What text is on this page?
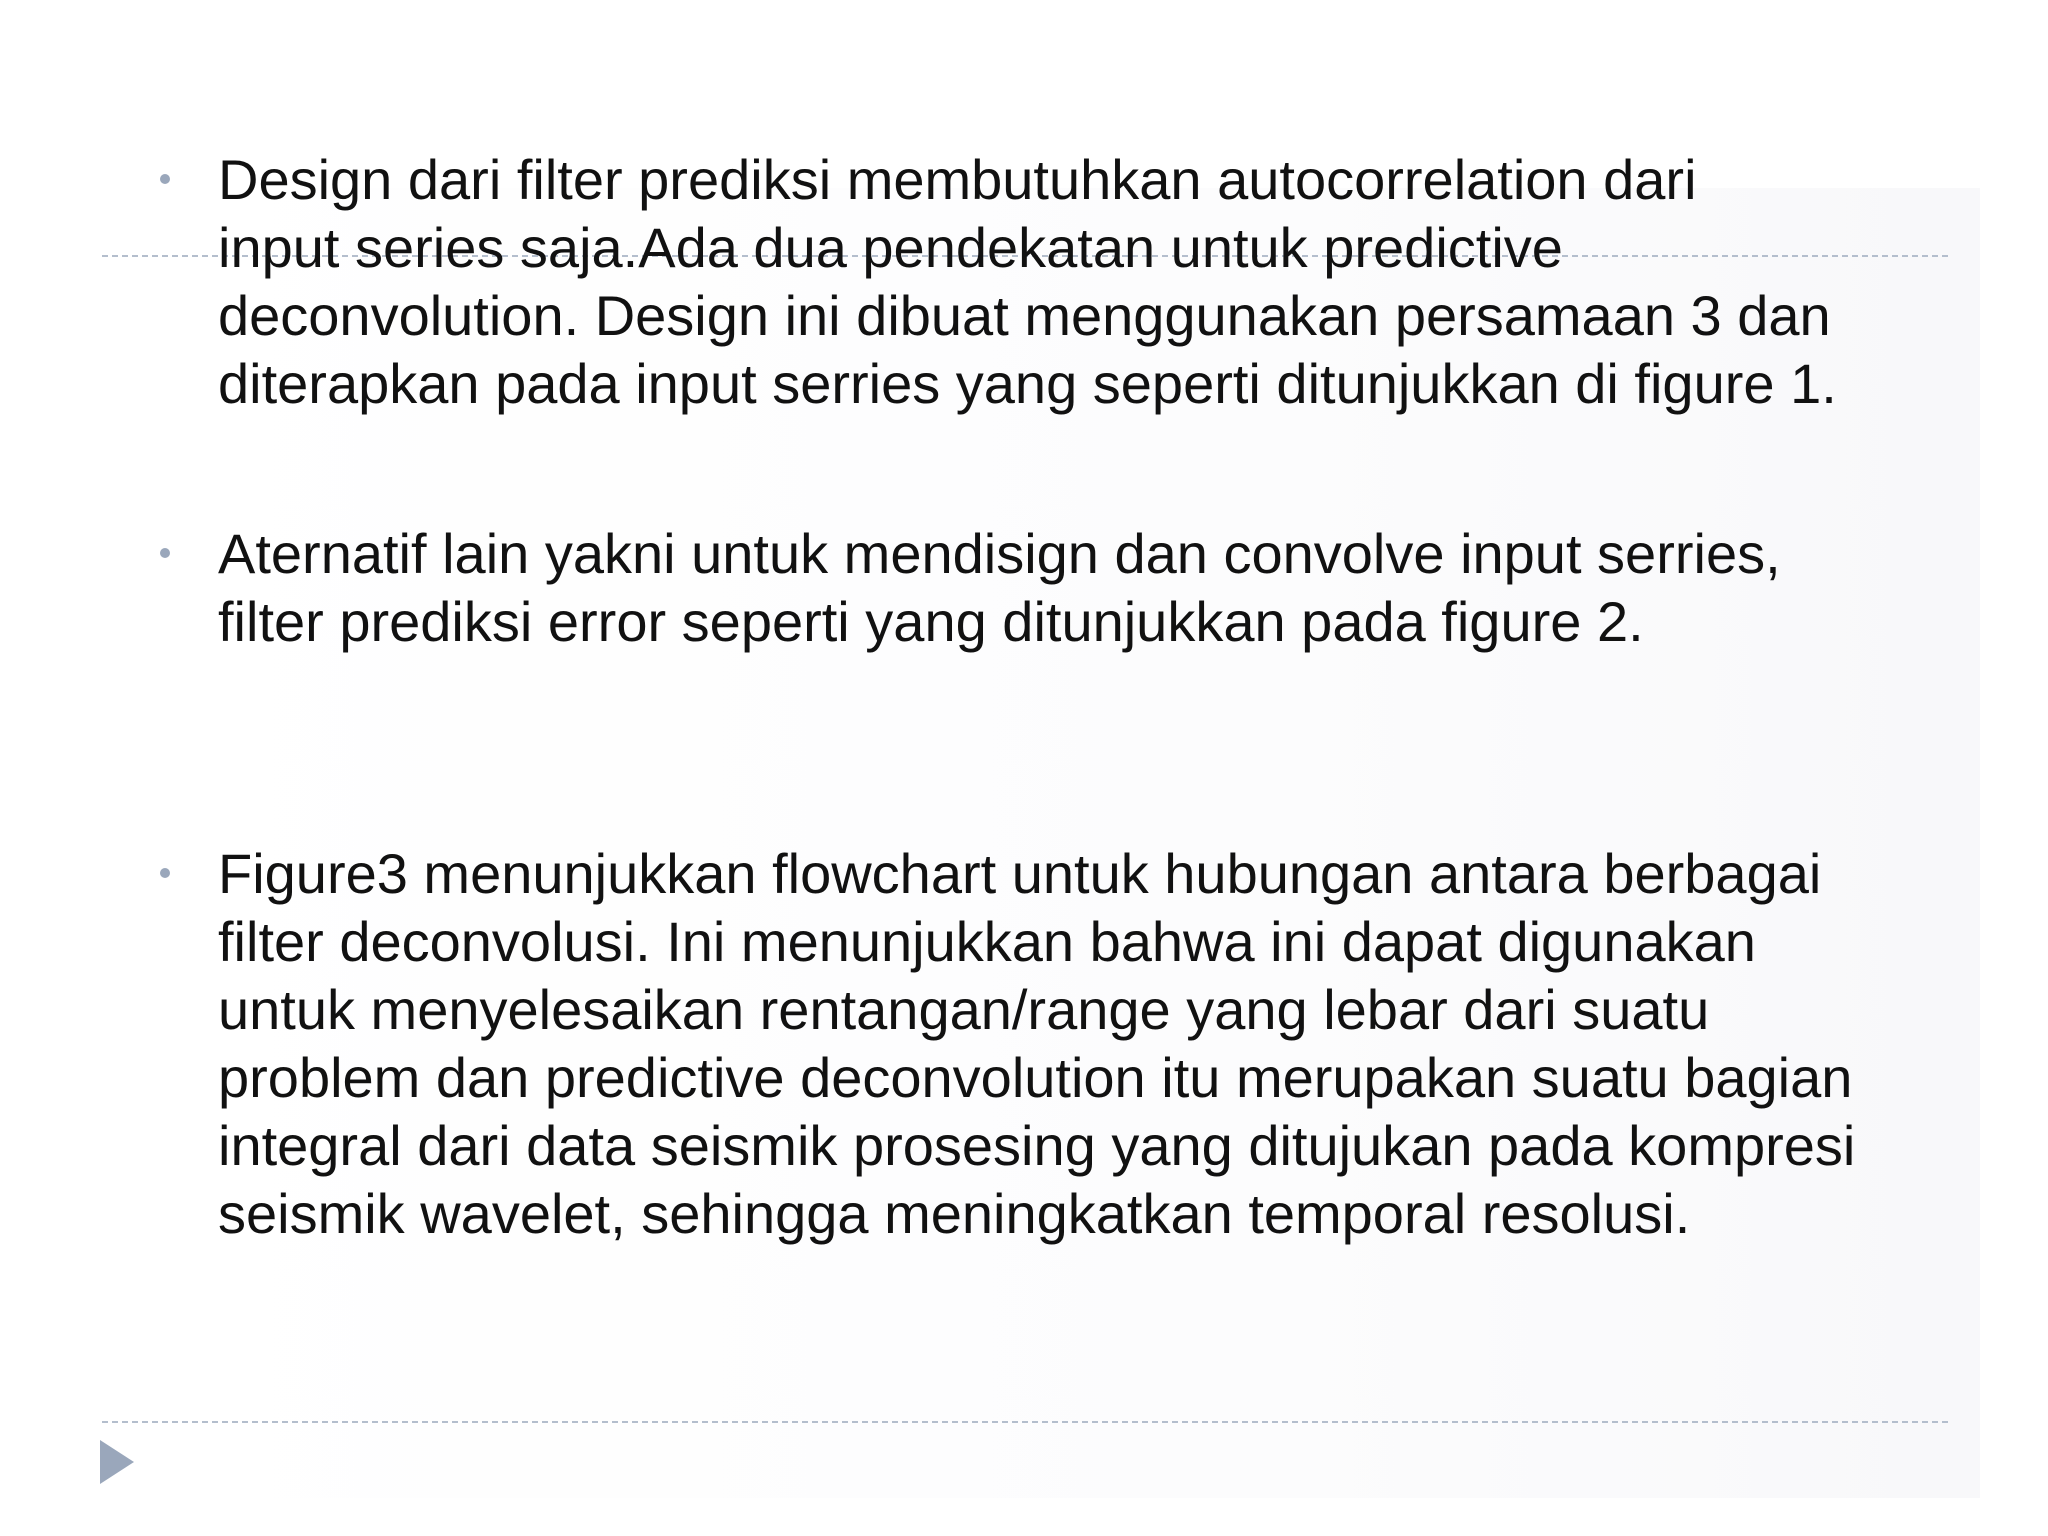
Design dari filter prediksi membutuhkan autocorrelation dari
input series saja.Ada dua pendekatan untuk predictive
deconvolution. Design ini dibuat menggunakan persamaan 3 dan
diterapkan pada input serries yang seperti ditunjukkan di figure 1.

Aternatif lain yakni untuk mendisign dan convolve input serries,
filter prediksi error seperti yang ditunjukkan pada figure 2.

Figure3 menunjukkan flowchart untuk hubungan antara berbagai
filter deconvolusi. Ini menunjukkan bahwa ini dapat digunakan
untuk menyelesaikan rentangan/range yang lebar dari suatu
problem dan predictive deconvolution itu merupakan suatu bagian
integral dari data seismik prosesing yang ditujukan pada kompresi
seismik wavelet, sehingga meningkatkan temporal resolusi.
